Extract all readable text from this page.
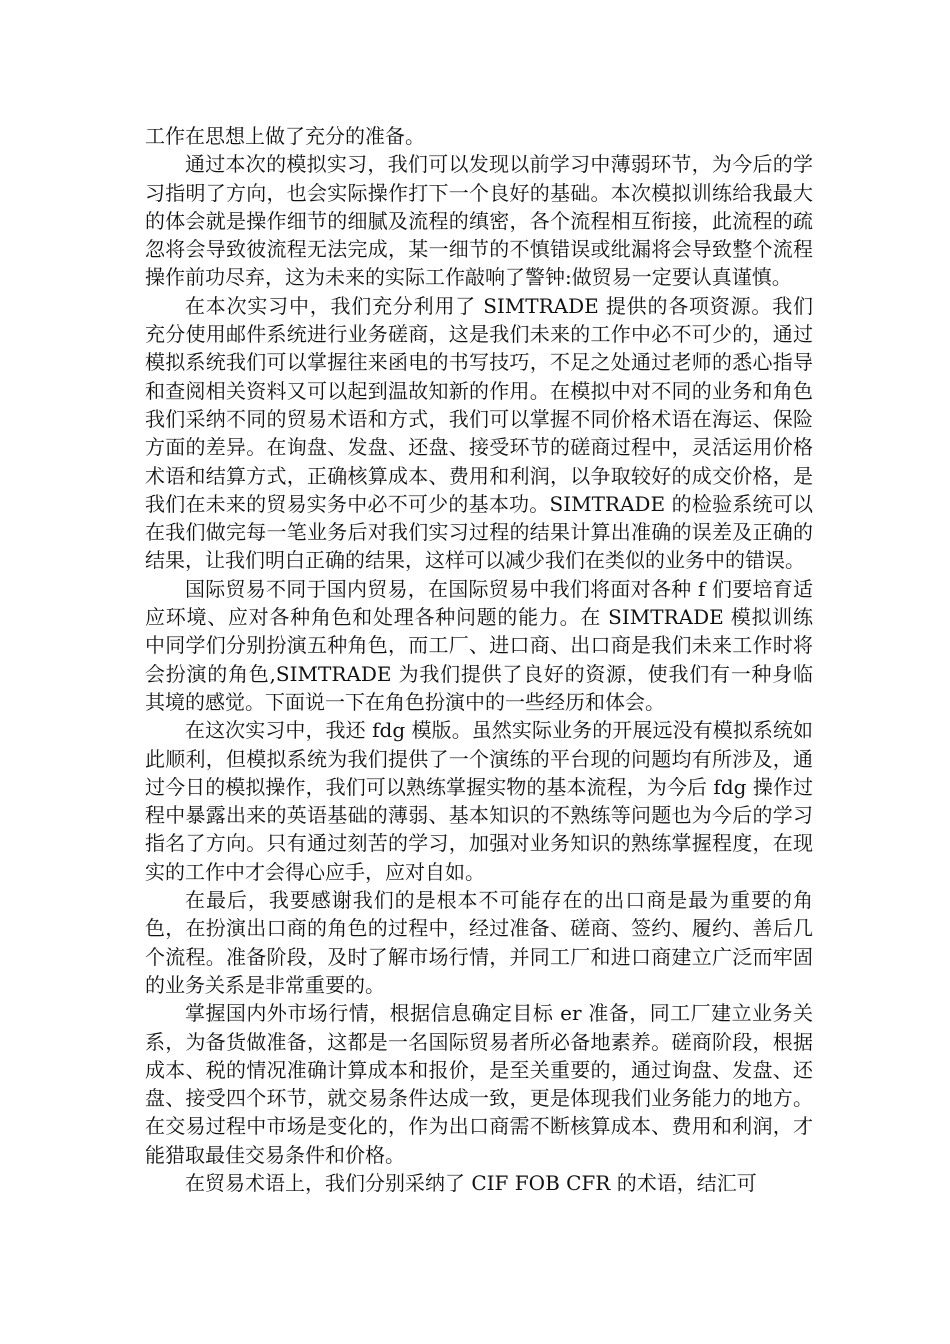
工作在思想上做了充分的准备。

通过本次的模拟实习，我们可以发现以前学习中薄弱环节，为今后的学习指明了方向，也会实际操作打下一个良好的基础。本次模拟训练给我最大的体会就是操作细节的细腻及流程的缜密，各个流程相互衔接，此流程的疏忽将会导致彼流程无法完成，某一细节的不慎错误或纰漏将会导致整个流程操作前功尽弃，这为未来的实际工作敲响了警钟:做贸易一定要认真谨慎。

在本次实习中，我们充分利用了 SIMTRADE 提供的各项资源。我们充分使用邮件系统进行业务磋商，这是我们未来的工作中必不可少的，通过模拟系统我们可以掌握往来函电的书写技巧，不足之处通过老师的悉心指导和查阅相关资料又可以起到温故知新的作用。在模拟中对不同的业务和角色我们采纳不同的贸易术语和方式，我们可以掌握不同价格术语在海运、保险方面的差异。在询盘、发盘、还盘、接受环节的磋商过程中，灵活运用价格术语和结算方式，正确核算成本、费用和利润，以争取较好的成交价格，是我们在未来的贸易实务中必不可少的基本功。SIMTRADE 的检验系统可以在我们做完每一笔业务后对我们实习过程的结果计算出准确的误差及正确的结果，让我们明白正确的结果，这样可以减少我们在类似的业务中的错误。

国际贸易不同于国内贸易，在国际贸易中我们将面对各种 f 们要培育适应环境、应对各种角色和处理各种问题的能力。在 SIMTRADE 模拟训练中同学们分别扮演五种角色，而工厂、进口商、出口商是我们未来工作时将会扮演的角色,SIMTRADE 为我们提供了良好的资源，使我们有一种身临其境的感觉。下面说一下在角色扮演中的一些经历和体会。

在这次实习中，我还 fdg 模版。虽然实际业务的开展远没有模拟系统如此顺利，但模拟系统为我们提供了一个演练的平台现的问题均有所涉及，通过今日的模拟操作，我们可以熟练掌握实物的基本流程，为今后 fdg 操作过程中暴露出来的英语基础的薄弱、基本知识的不熟练等问题也为今后的学习指名了方向。只有通过刻苦的学习，加强对业务知识的熟练掌握程度，在现实的工作中才会得心应手，应对自如。

在最后，我要感谢我们的是根本不可能存在的出口商是最为重要的角色，在扮演出口商的角色的过程中，经过准备、磋商、签约、履约、善后几个流程。准备阶段，及时了解市场行情，并同工厂和进口商建立广泛而牢固的业务关系是非常重要的。

掌握国内外市场行情，根据信息确定目标 er 准备，同工厂建立业务关系，为备货做准备，这都是一名国际贸易者所必备地素养。磋商阶段，根据成本、税的情况准确计算成本和报价，是至关重要的，通过询盘、发盘、还盘、接受四个环节，就交易条件达成一致，更是体现我们业务能力的地方。在交易过程中市场是变化的，作为出口商需不断核算成本、费用和利润，才能猎取最佳交易条件和价格。

在贸易术语上，我们分别采纳了 CIF FOB CFR 的术语，结汇可
